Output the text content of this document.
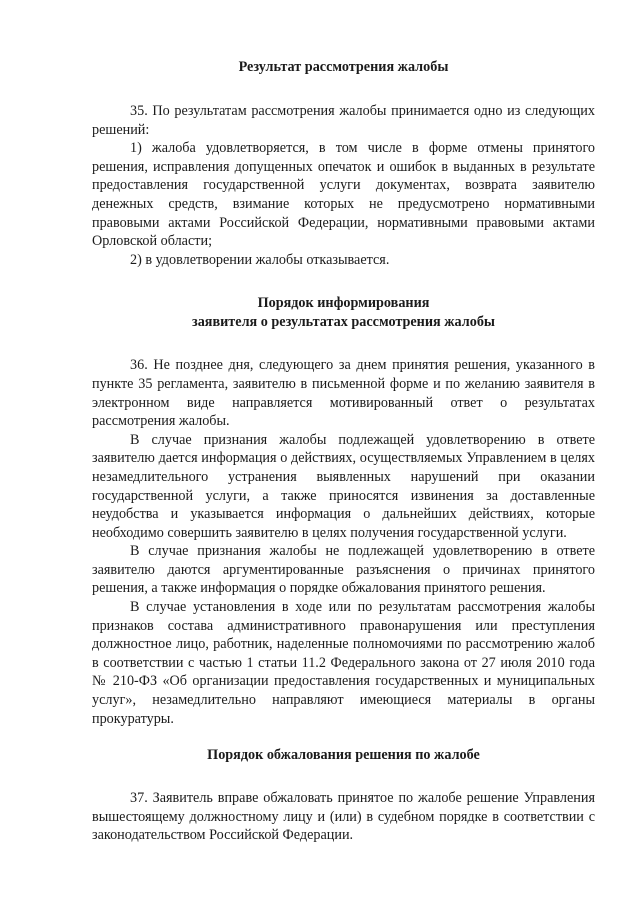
Результат рассмотрения жалобы

35. По результатам рассмотрения жалобы принимается одно из следующих решений:

1) жалоба удовлетворяется, в том числе в форме отмены принятого решения, исправления допущенных опечаток и ошибок в выданных в результате предоставления государственной услуги документах, возврата заявителю денежных средств, взимание которых не предусмотрено нормативными правовыми актами Российской Федерации, нормативными правовыми актами Орловской области;

2) в удовлетворении жалобы отказывается.

Порядок информирования
заявителя о результатах рассмотрения жалобы

36. Не позднее дня, следующего за днем принятия решения, указанного в пункте 35 регламента, заявителю в письменной форме и по желанию заявителя в электронном виде направляется мотивированный ответ о результатах рассмотрения жалобы.

В случае признания жалобы подлежащей удовлетворению в ответе заявителю дается информация о действиях, осуществляемых Управлением в целях незамедлительного устранения выявленных нарушений при оказании государственной услуги, а также приносятся извинения за доставленные неудобства и указывается информация о дальнейших действиях, которые необходимо совершить заявителю в целях получения государственной услуги.

В случае признания жалобы не подлежащей удовлетворению в ответе заявителю даются аргументированные разъяснения о причинах принятого решения, а также информация о порядке обжалования принятого решения.

В случае установления в ходе или по результатам рассмотрения жалобы признаков состава административного правонарушения или преступления должностное лицо, работник, наделенные полномочиями по рассмотрению жалоб в соответствии с частью 1 статьи 11.2 Федерального закона от 27 июля 2010 года № 210-ФЗ «Об организации предоставления государственных и муниципальных услуг», незамедлительно направляют имеющиеся материалы в органы прокуратуры.

Порядок обжалования решения по жалобе

37. Заявитель вправе обжаловать принятое по жалобе решение Управления вышестоящему должностному лицу и (или) в судебном порядке в соответствии с законодательством Российской Федерации.
